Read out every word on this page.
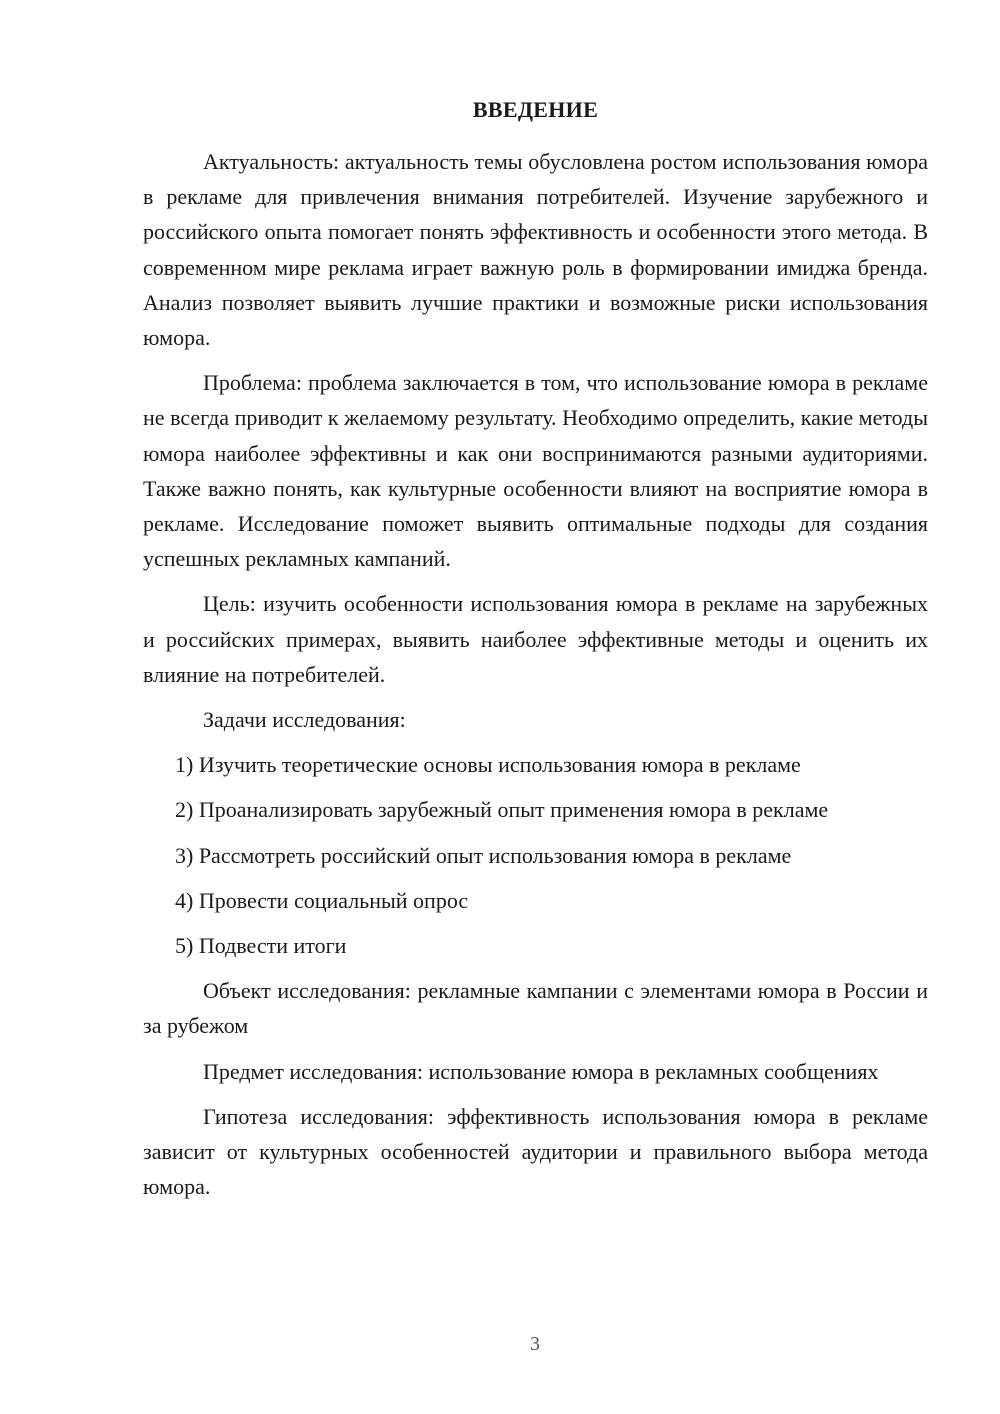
ВВЕДЕНИЕ

Актуальность: актуальность темы обусловлена ростом использования юмора в рекламе для привлечения внимания потребителей. Изучение зарубежного и российского опыта помогает понять эффективность и особенности этого метода. В современном мире реклама играет важную роль в формировании имиджа бренда. Анализ позволяет выявить лучшие практики и возможные риски использования юмора.

Проблема: проблема заключается в том, что использование юмора в рекламе не всегда приводит к желаемому результату. Необходимо определить, какие методы юмора наиболее эффективны и как они воспринимаются разными аудиториями. Также важно понять, как культурные особенности влияют на восприятие юмора в рекламе. Исследование поможет выявить оптимальные подходы для создания успешных рекламных кампаний.

Цель: изучить особенности использования юмора в рекламе на зарубежных и российских примерах, выявить наиболее эффективные методы и оценить их влияние на потребителей.

Задачи исследования:

1) Изучить теоретические основы использования юмора в рекламе

2) Проанализировать зарубежный опыт применения юмора в рекламе

3) Рассмотреть российский опыт использования юмора в рекламе

4) Провести социальный опрос

5) Подвести итоги

Объект исследования: рекламные кампании с элементами юмора в России и за рубежом

Предмет исследования: использование юмора в рекламных сообщениях

Гипотеза исследования: эффективность использования юмора в рекламе зависит от культурных особенностей аудитории и правильного выбора метода юмора.

3
